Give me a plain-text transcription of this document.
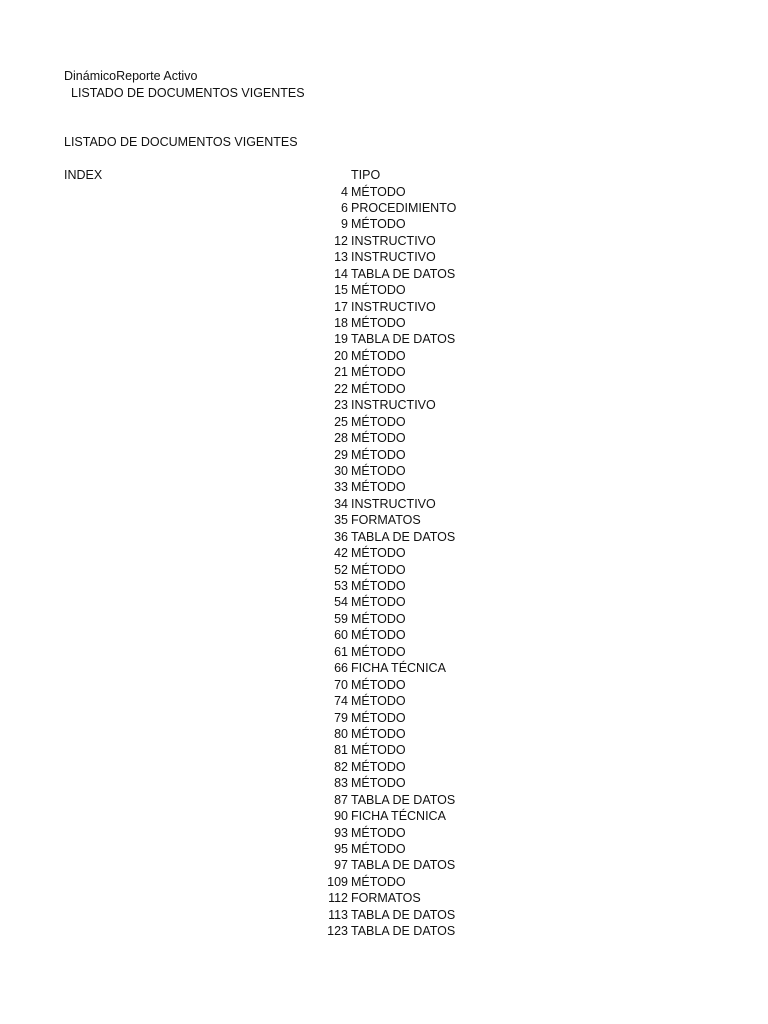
DinámicoReporte Activo
LISTADO DE DOCUMENTOS VIGENTES
LISTADO DE DOCUMENTOS VIGENTES
INDEX	TIPO
4 MÉTODO
6 PROCEDIMIENTO
9 MÉTODO
12 INSTRUCTIVO
13 INSTRUCTIVO
14 TABLA DE DATOS
15 MÉTODO
17 INSTRUCTIVO
18 MÉTODO
19 TABLA DE DATOS
20 MÉTODO
21 MÉTODO
22 MÉTODO
23 INSTRUCTIVO
25 MÉTODO
28 MÉTODO
29 MÉTODO
30 MÉTODO
33 MÉTODO
34 INSTRUCTIVO
35 FORMATOS
36 TABLA DE DATOS
42 MÉTODO
52 MÉTODO
53 MÉTODO
54 MÉTODO
59 MÉTODO
60 MÉTODO
61 MÉTODO
66 FICHA TÉCNICA
70 MÉTODO
74 MÉTODO
79 MÉTODO
80 MÉTODO
81 MÉTODO
82 MÉTODO
83 MÉTODO
87 TABLA DE DATOS
90 FICHA TÉCNICA
93 MÉTODO
95 MÉTODO
97 TABLA DE DATOS
109 MÉTODO
112 FORMATOS
113 TABLA DE DATOS
123 TABLA DE DATOS
